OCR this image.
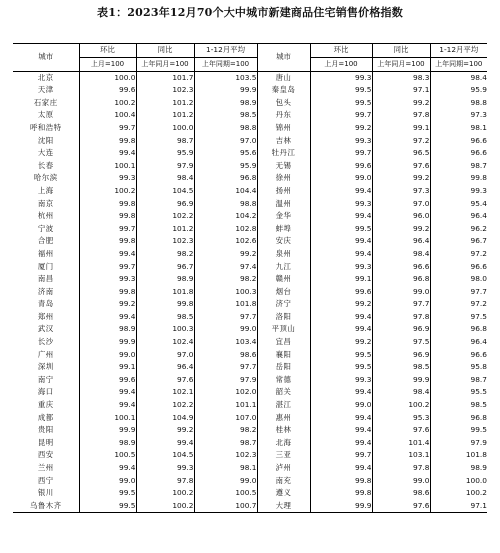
表1：2023年12月70个大中城市新建商品住宅销售价格指数
城市	环比	同比	1-12月平均	城市	环比	同比	1-12月平均
	上月=100	上年同月=100	上年同期=100		上月=100	上年同月=100	上年同期=100
北京	100.0	101.7	103.5	唐山	99.3	98.3	98.4
天津	99.6	102.3	99.9	秦皇岛	99.5	97.1	95.9
石家庄	100.2	101.2	98.9	包头	99.5	99.2	98.8
太原	100.4	101.2	98.5	丹东	99.7	97.8	97.3
呼和浩特	99.7	100.0	98.8	锦州	99.2	99.1	98.1
沈阳	99.8	98.7	97.0	吉林	99.3	97.2	96.6
大连	99.4	95.9	95.6	牡丹江	99.7	96.5	96.6
长春	100.1	97.9	95.9	无锡	99.6	97.6	98.7
哈尔滨	99.3	98.4	96.8	徐州	99.0	99.2	99.8
上海	100.2	104.5	104.4	扬州	99.4	97.3	99.3
南京	99.8	96.9	98.8	温州	99.3	97.0	95.4
杭州	99.8	102.2	104.2	金华	99.4	96.0	96.4
宁波	99.7	101.2	102.8	蚌埠	99.5	99.2	96.2
合肥	99.8	102.3	102.6	安庆	99.4	96.4	96.7
福州	99.4	98.2	99.2	泉州	99.4	98.4	97.2
厦门	99.7	96.7	97.4	九江	99.3	96.6	96.6
南昌	99.3	98.9	98.2	赣州	99.1	96.8	98.0
济南	99.8	101.8	100.3	烟台	99.6	99.0	97.7
青岛	99.2	99.8	101.8	济宁	99.2	97.7	97.2
郑州	99.4	98.5	97.7	洛阳	99.4	97.8	97.5
武汉	98.9	100.3	99.0	平顶山	99.4	96.9	96.8
长沙	99.9	102.4	103.4	宜昌	99.2	97.5	96.4
广州	99.0	97.0	98.6	襄阳	99.5	96.9	96.6
深圳	99.1	96.4	97.7	岳阳	99.5	98.5	95.8
南宁	99.6	97.6	97.9	常德	99.3	99.9	98.7
海口	99.4	102.1	102.0	韶关	99.4	98.4	95.5
重庆	99.4	102.2	101.1	湛江	99.0	100.2	98.5
成都	100.1	104.9	107.0	惠州	99.4	95.3	96.8
贵阳	99.9	99.2	98.2	桂林	99.4	97.6	99.5
昆明	98.9	99.4	98.7	北海	99.4	101.4	97.9
西安	100.5	104.5	102.3	三亚	99.7	103.1	101.8
兰州	99.4	99.3	98.1	泸州	99.4	97.8	98.9
西宁	99.0	97.8	99.0	南充	99.8	99.0	100.0
银川	99.5	100.2	100.5	遵义	99.8	98.6	100.2
乌鲁木齐	99.5	100.2	100.7	大理	99.9	97.6	97.1
